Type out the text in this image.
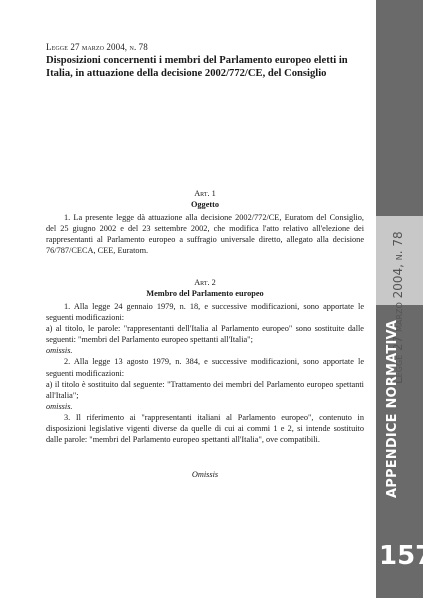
Legge 27 marzo 2004, n. 78
Disposizioni concernenti i membri del Parlamento europeo eletti in Italia, in attuazione della decisione 2002/772/CE, del Consiglio
Art. 1
Oggetto

1. La presente legge dà attuazione alla decisione 2002/772/CE, Euratom del Consiglio, del 25 giugno 2002 e del 23 settembre 2002, che modifica l'atto relativo all'elezione dei rappresentanti al Parlamento europeo a suffragio universale diretto, allegato alla decisione 76/787/CECA, CEE, Euratom.

Art. 2
Membro del Parlamento europeo

1. Alla legge 24 gennaio 1979, n. 18, e successive modificazioni, sono apportate le seguenti modificazioni:

a) al titolo, le parole: "rappresentanti dell'Italia al Parlamento europeo" sono sostituite dalle seguenti: "membri del Parlamento europeo spettanti all'Italia";

omissis.

2. Alla legge 13 agosto 1979, n. 384, e successive modificazioni, sono apportate le seguenti modificazioni:

a) il titolo è sostituito dal seguente: "Trattamento dei membri del Parlamento europeo spettanti all'Italia";

omissis.

3. Il riferimento ai "rappresentanti italiani al Parlamento europeo", contenuto in disposizioni legislative vigenti diverse da quelle di cui ai commi 1 e 2, si intende sostituito dalle parole: "membri del Parlamento europeo spettanti all'Italia", ove compatibili.

Omissis
Legge 27 marzo 2004, n. 78
APPENDICE NORMATIVA
157
